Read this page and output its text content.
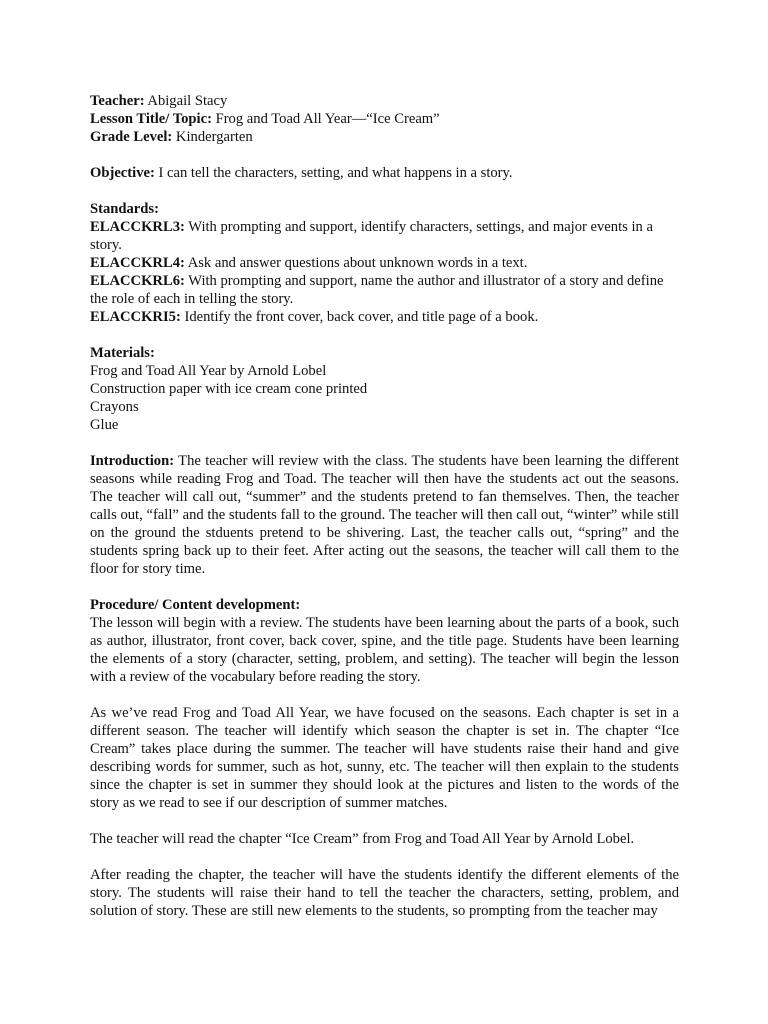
Teacher: Abigail Stacy

Lesson Title/ Topic: Frog and Toad All Year—“Ice Cream”

Grade Level: Kindergarten

Objective: I can tell the characters, setting, and what happens in a story.

Standards:

ELACCKRL3: With prompting and support, identify characters, settings, and major events in a story.

ELACCKRL4: Ask and answer questions about unknown words in a text.

ELACCKRL6: With prompting and support, name the author and illustrator of a story and define the role of each in telling the story.

ELACCKRI5: Identify the front cover, back cover, and title page of a book.

Materials:

Frog and Toad All Year by Arnold Lobel

Construction paper with ice cream cone printed

Crayons

Glue

Introduction: The teacher will review with the class. The students have been learning the different seasons while reading Frog and Toad. The teacher will then have the students act out the seasons. The teacher will call out, “summer” and the students pretend to fan themselves. Then, the teacher calls out, “fall” and the students fall to the ground. The teacher will then call out, “winter” while still on the ground the stduents pretend to be shivering. Last, the teacher calls out, “spring” and the students spring back up to their feet. After acting out the seasons, the teacher will call them to the floor for story time.

Procedure/ Content development:

The lesson will begin with a review. The students have been learning about the parts of a book, such as author, illustrator, front cover, back cover, spine, and the title page. Students have been learning the elements of a story (character, setting, problem, and setting). The teacher will begin the lesson with a review of the vocabulary before reading the story.

As we’ve read Frog and Toad All Year, we have focused on the seasons. Each chapter is set in a different season. The teacher will identify which season the chapter is set in. The chapter “Ice Cream” takes place during the summer. The teacher will have students raise their hand and give describing words for summer, such as hot, sunny, etc. The teacher will then explain to the students since the chapter is set in summer they should look at the pictures and listen to the words of the story as we read to see if our description of summer matches.

The teacher will read the chapter “Ice Cream” from Frog and Toad All Year by Arnold Lobel.

After reading the chapter, the teacher will have the students identify the different elements of the story. The students will raise their hand to tell the teacher the characters, setting, problem, and solution of story. These are still new elements to the students, so prompting from the teacher may
